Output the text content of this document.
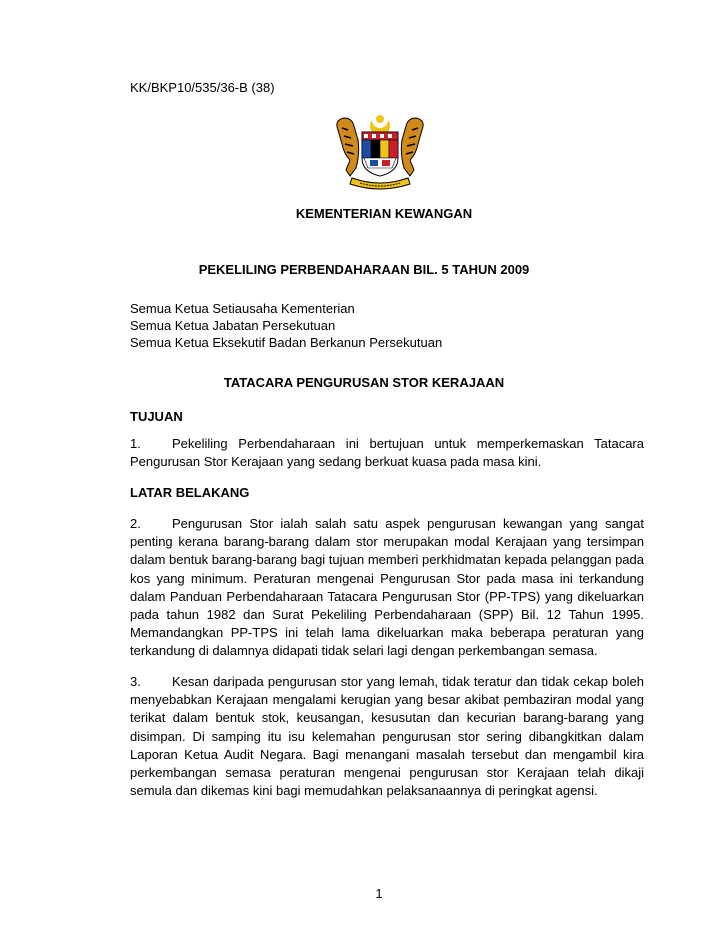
KK/BKP10/535/36-B (38)
KEMENTERIAN KEWANGAN
PEKELILING PERBENDAHARAAN BIL. 5 TAHUN 2009
Semua Ketua Setiausaha Kementerian
Semua Ketua Jabatan Persekutuan
Semua Ketua Eksekutif Badan Berkanun Persekutuan
TATACARA PENGURUSAN STOR KERAJAAN
TUJUAN
1. Pekeliling Perbendaharaan ini bertujuan untuk memperkemaskan Tatacara Pengurusan Stor Kerajaan yang sedang berkuat kuasa pada masa kini.
LATAR BELAKANG
2. Pengurusan Stor ialah salah satu aspek pengurusan kewangan yang sangat penting kerana barang-barang dalam stor merupakan modal Kerajaan yang tersimpan dalam bentuk barang-barang bagi tujuan memberi perkhidmatan kepada pelanggan pada kos yang minimum. Peraturan mengenai Pengurusan Stor pada masa ini terkandung dalam Panduan Perbendaharaan Tatacara Pengurusan Stor (PP-TPS) yang dikeluarkan pada tahun 1982 dan Surat Pekeliling Perbendaharaan (SPP) Bil. 12 Tahun 1995. Memandangkan PP-TPS ini telah lama dikeluarkan maka beberapa peraturan yang terkandung di dalamnya didapati tidak selari lagi dengan perkembangan semasa.
3. Kesan daripada pengurusan stor yang lemah, tidak teratur dan tidak cekap boleh menyebabkan Kerajaan mengalami kerugian yang besar akibat pembaziran modal yang terikat dalam bentuk stok, keusangan, kesusutan dan kecurian barang-barang yang disimpan. Di samping itu isu kelemahan pengurusan stor sering dibangkitkan dalam Laporan Ketua Audit Negara. Bagi menangani masalah tersebut dan mengambil kira perkembangan semasa peraturan mengenai pengurusan stor Kerajaan telah dikaji semula dan dikemas kini bagi memudahkan pelaksanaannya di peringkat agensi.
1
